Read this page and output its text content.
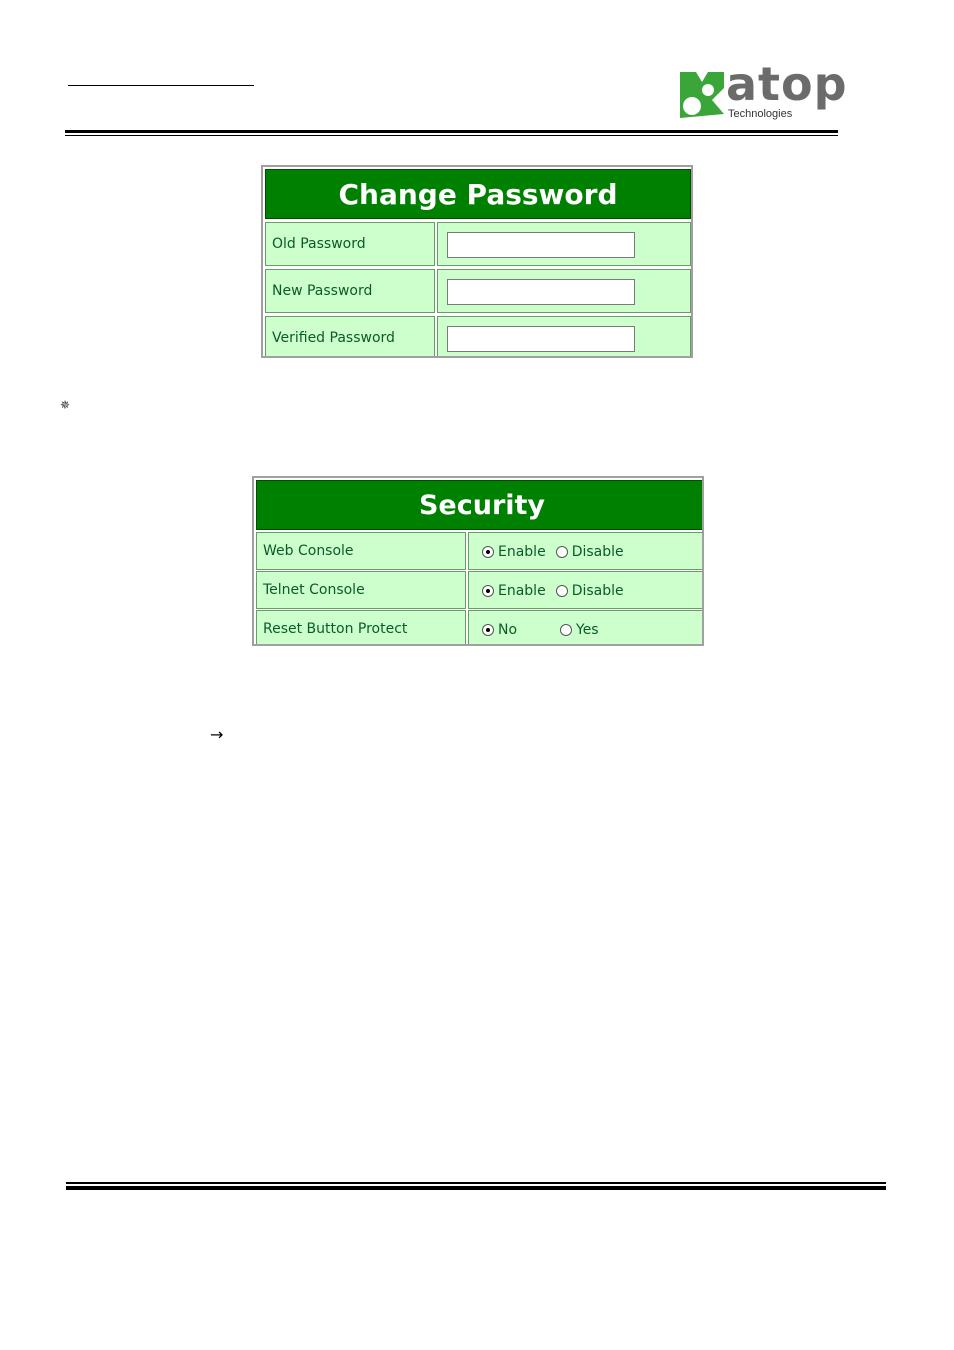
atop
Technologies
Change Password
Old Password
New Password
Verified Password
✵
Security
Web Console	Enable Disable
Telnet Console	Enable Disable
Reset Button Protect	No	Yes
→
